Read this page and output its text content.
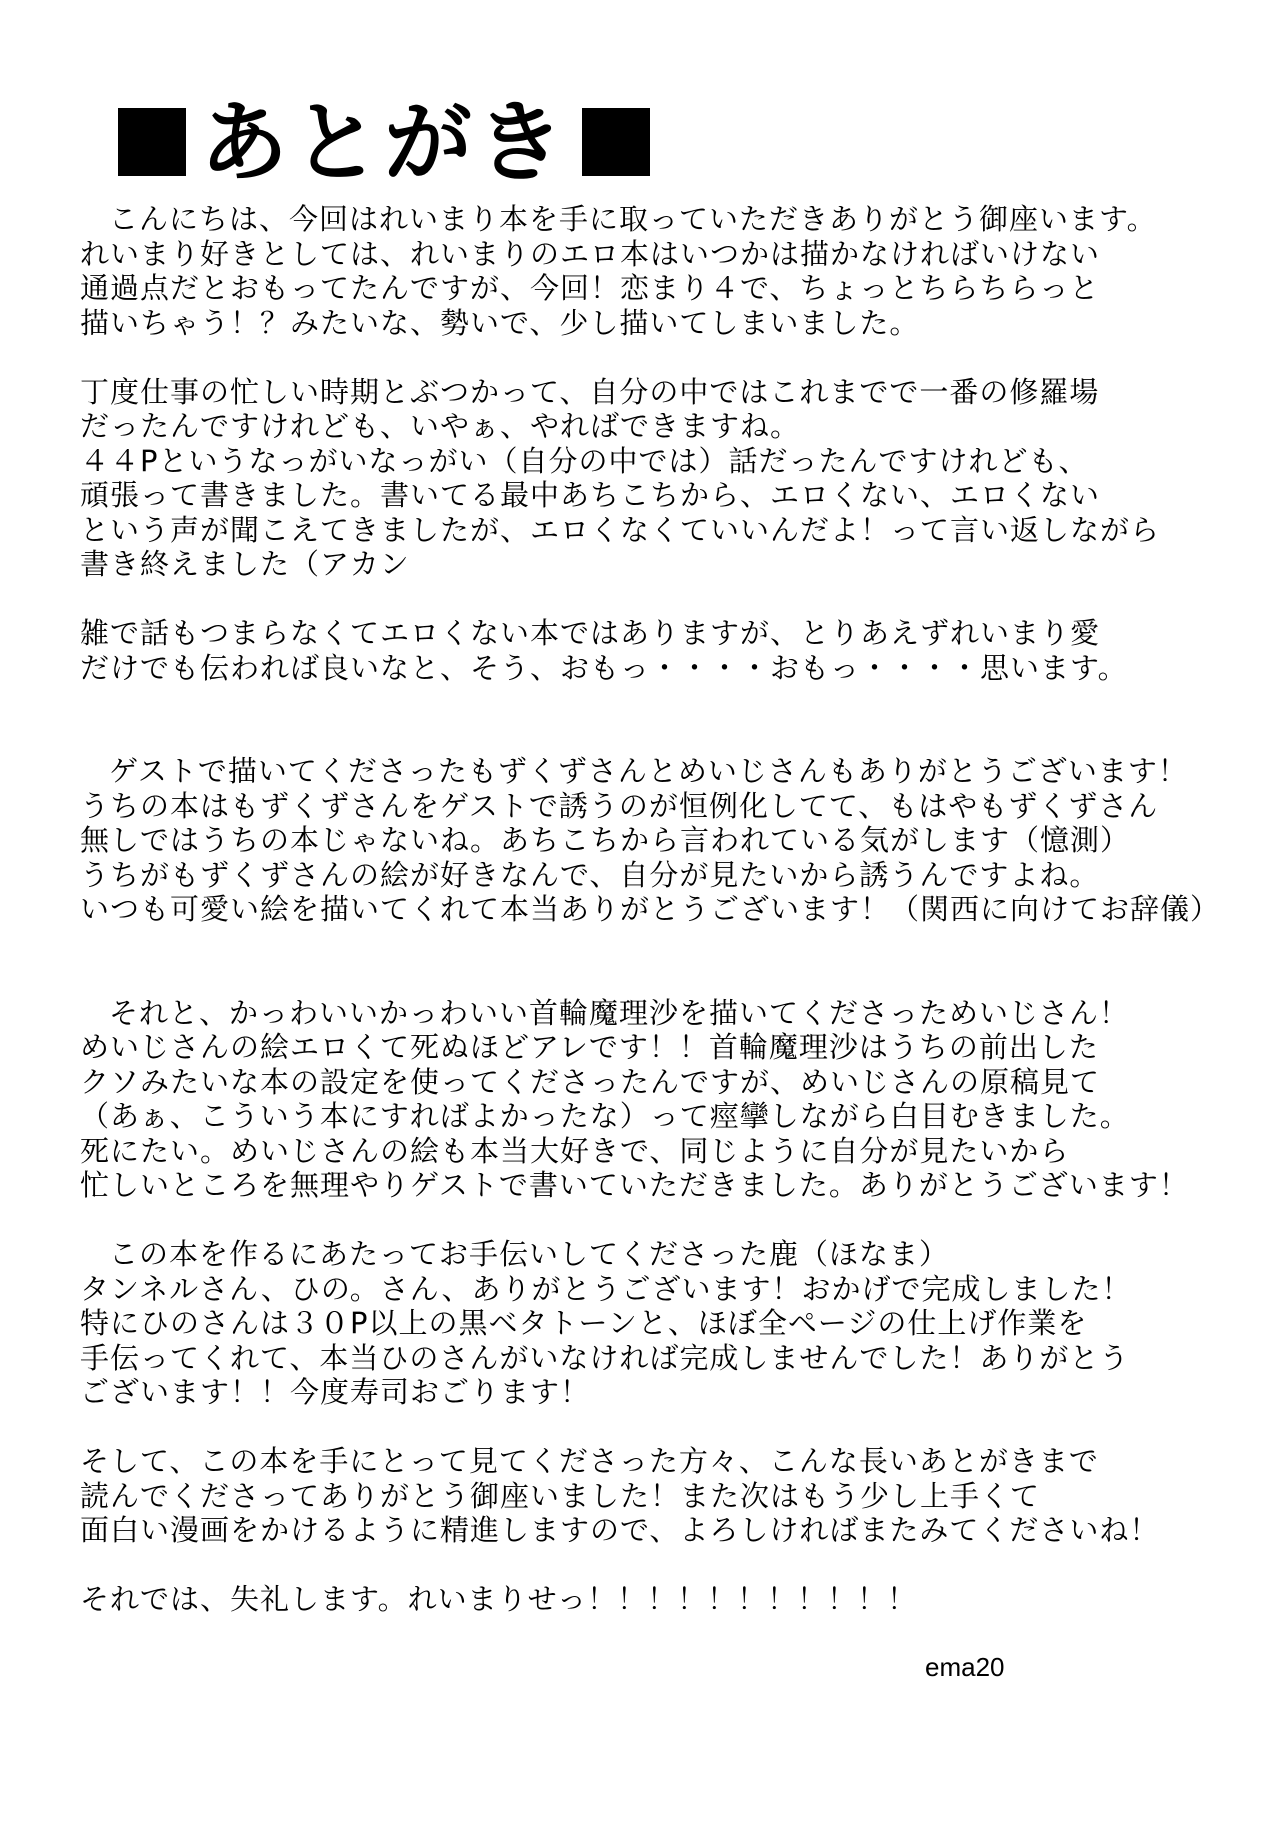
あとがき
こんにちは、今回はれいまり本を手に取っていただきありがとう御座います。
れいまり好きとしては、れいまりのエロ本はいつかは描かなければいけない
通過点だとおもってたんですが、今回！恋まり４で、ちょっとちらちらっと
描いちゃう！？みたいな、勢いで、少し描いてしまいました。
丁度仕事の忙しい時期とぶつかって、自分の中ではこれまでで一番の修羅場
だったんですけれども、いやぁ、やればできますね。
４４Pというなっがいなっがい（自分の中では）話だったんですけれども、
頑張って書きました。書いてる最中あちこちから、エロくない、エロくない
という声が聞こえてきましたが、エロくなくていいんだよ！って言い返しながら
書き終えました（アカン
雑で話もつまらなくてエロくない本ではありますが、とりあえずれいまり愛
だけでも伝われば良いなと、そう、おもっ・・・・おもっ・・・・思います。
ゲストで描いてくださったもずくずさんとめいじさんもありがとうございます！
うちの本はもずくずさんをゲストで誘うのが恒例化してて、もはやもずくずさん
無しではうちの本じゃないね。あちこちから言われている気がします（憶測）
うちがもずくずさんの絵が好きなんで、自分が見たいから誘うんですよね。
いつも可愛い絵を描いてくれて本当ありがとうございます！（関西に向けてお辞儀）
それと、かっわいいかっわいい首輪魔理沙を描いてくださっためいじさん！
めいじさんの絵エロくて死ぬほどアレです！！首輪魔理沙はうちの前出した
クソみたいな本の設定を使ってくださったんですが、めいじさんの原稿見て
（あぁ、こういう本にすればよかったな）って痙攣しながら白目むきました。
死にたい。めいじさんの絵も本当大好きで、同じように自分が見たいから
忙しいところを無理やりゲストで書いていただきました。ありがとうございます！
この本を作るにあたってお手伝いしてくださった鹿（ほなま）
タンネルさん、ひの。さん、ありがとうございます！おかげで完成しました！
特にひのさんは３０P以上の黒ベタトーンと、ほぼ全ページの仕上げ作業を
手伝ってくれて、本当ひのさんがいなければ完成しませんでした！ありがとう
ございます！！今度寿司おごります！
そして、この本を手にとって見てくださった方々、こんな長いあとがきまで
読んでくださってありがとう御座いました！また次はもう少し上手くて
面白い漫画をかけるように精進しますので、よろしければまたみてくださいね！
それでは、失礼します。れいまりせっ！！！！！！！！！！！
ema20
